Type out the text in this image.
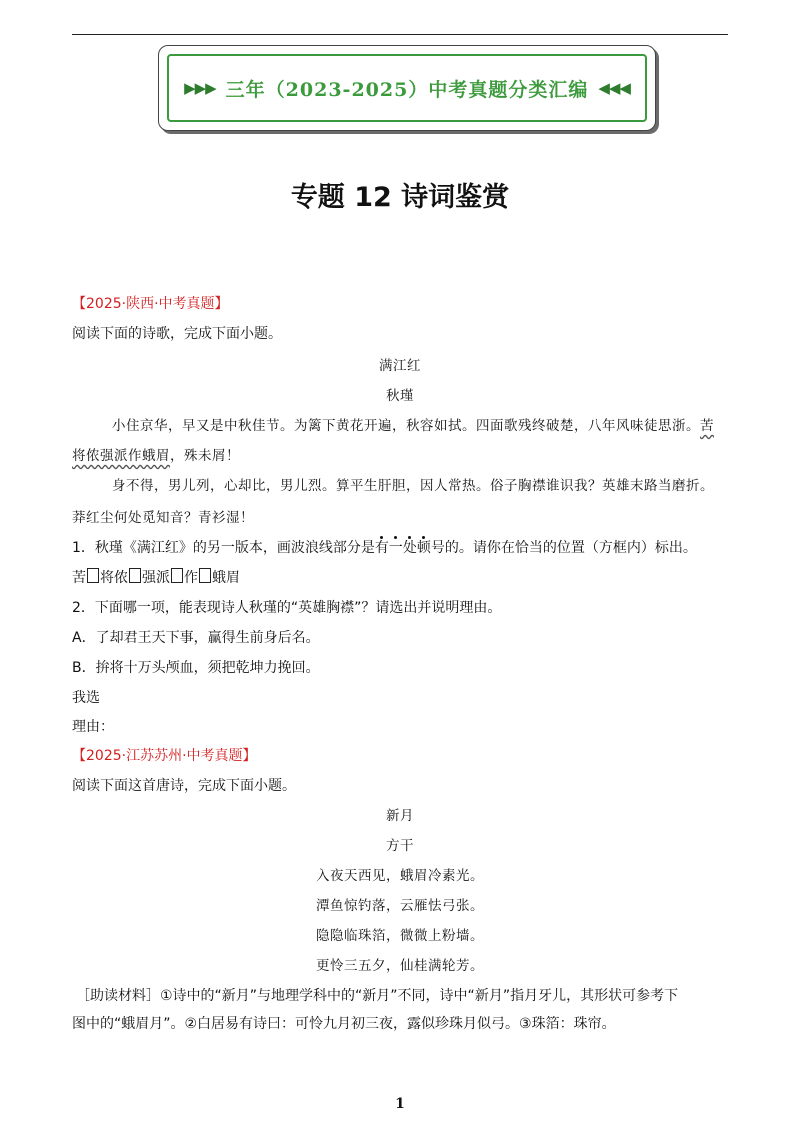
▶▶▶ 三年（2023-2025）中考真题分类汇编 ◀◀◀
专题 12 诗词鉴赏
【2025·陕西·中考真题】
阅读下面的诗歌，完成下面小题。
满江红
秋瑾
小住京华，早又是中秋佳节。为篱下黄花开遍，秋容如拭。四面歌残终破楚，八年风味徒思浙。苦
将侬强派作蛾眉，殊未屑！
身不得，男儿列，心却比，男儿烈。算平生肝胆，因人常热。俗子胸襟谁识我？英雄末路当磨折。
莽红尘何处觅知音？青衫湿！
1．秋瑾《满江红》的另一版本，画波浪线部分是有一处顿号的。请你在恰当的位置（方框内）标出。
苦 将侬 强派 作 蛾眉
2．下面哪一项，能表现诗人秋瑾的“英雄胸襟”？请选出并说明理由。
A．了却君王天下事，赢得生前身后名。
B．拚将十万头颅血，须把乾坤力挽回。
我选
理由：
【2025·江苏苏州·中考真题】
阅读下面这首唐诗，完成下面小题。
新月
方干
入夜天西见，蛾眉冷素光。
潭鱼惊钓落，云雁怯弓张。
隐隐临珠箔，微微上粉墙。
更怜三五夕，仙桂满轮芳。
［助读材料］①诗中的“新月”与地理学科中的“新月”不同，诗中“新月”指月牙儿，其形状可参考下
图中的“蛾眉月”。②白居易有诗曰：可怜九月初三夜，露似珍珠月似弓。③珠箔：珠帘。
1
